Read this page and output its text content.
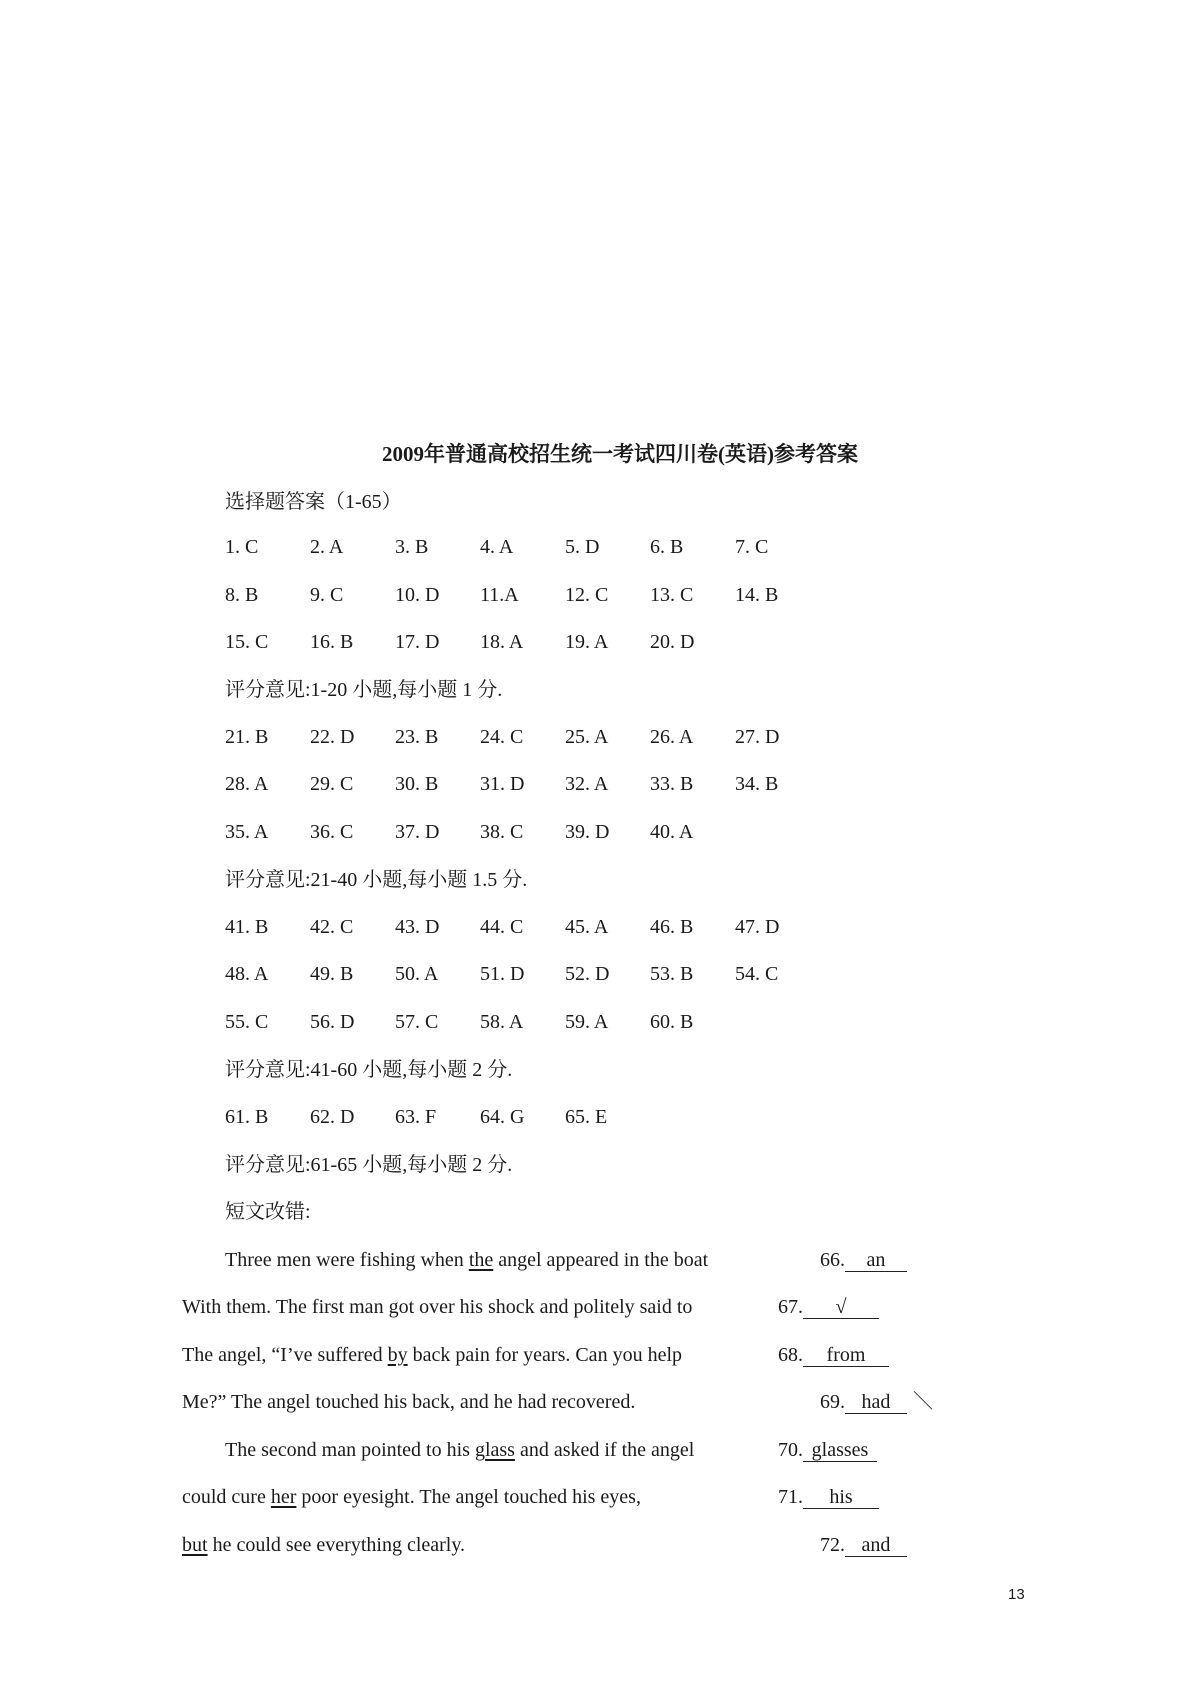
2009年普通高校招生统一考试四川卷(英语)参考答案
选择题答案（1-65）
1. C	2. A	3. B	4. A	5. D	6. B	7. C
8. B	9. C	10. D 11.A 12. C 13. C 14. B
15. C 16. B 17. D 18. A 19. A 20. D
评分意见:1-20 小题,每小题 1 分.
21. B 22. D 23. B 24. C 25. A 26. A 27. D
28. A 29. C 30. B 31. D 32. A 33. B 34. B
35. A 36. C 37. D 38. C 39. D 40. A
评分意见:21-40 小题,每小题 1.5 分.
41. B 42. C 43. D 44. C 45. A 46. B 47. D
48. A 49. B 50. A 51. D 52. D 53. B 54. C
55. C 56. D 57. C 58. A 59. A 60. B
评分意见:41-60 小题,每小题 2 分.
61. B 62. D 63. F 64. G 65. E
评分意见:61-65 小题,每小题 2 分.
短文改错:
Three men were fishing when the angel appeared in the boat	66. an
With them. The first man got over his shock and politely said to	67. √
The angel, “I’ve suffered by back pain for years. Can you help	68. from
Me?” The angel touched his back, and he had recovered.	69. had ＼
The second man pointed to his glass and asked if the angel	70. glasses
could cure her poor eyesight. The angel touched his eyes,	71. his
but he could see everything clearly.	72. and
13
